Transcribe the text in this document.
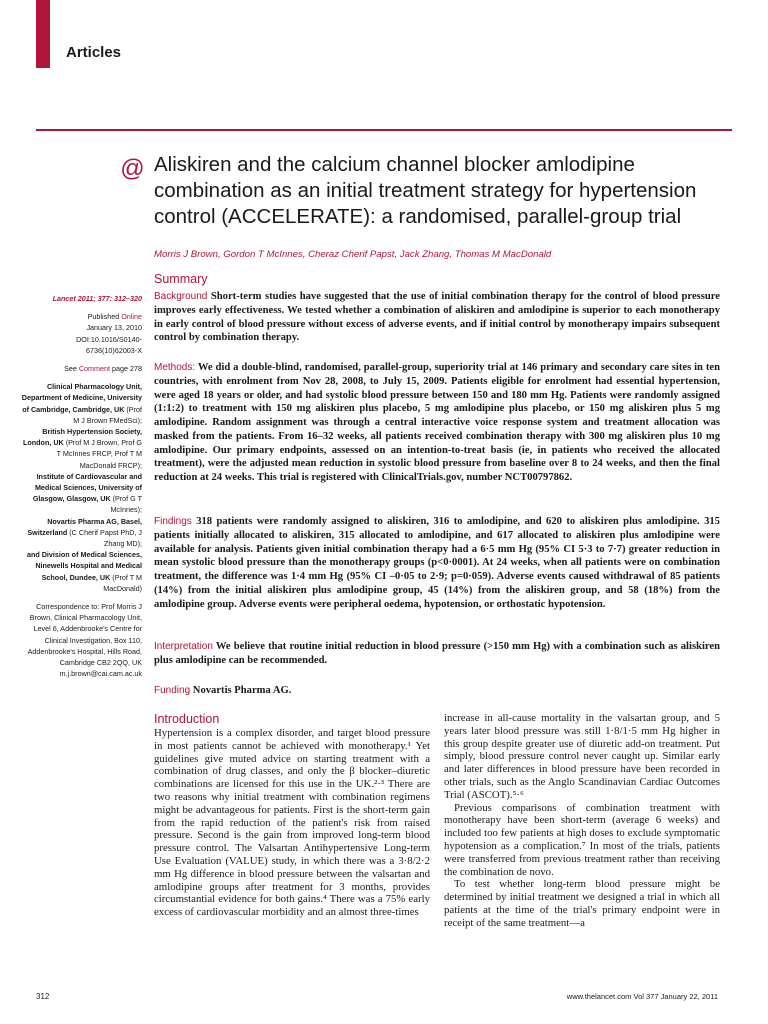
Articles
@ Aliskiren and the calcium channel blocker amlodipine combination as an initial treatment strategy for hypertension control (ACCELERATE): a randomised, parallel-group trial
Morris J Brown, Gordon T McInnes, Cheraz Cherif Papst, Jack Zhang, Thomas M MacDonald
Lancet 2011; 377: 312–320
Published Online
January 13, 2010
DOI:10.1016/S0140-
6736(10)62003-X
See Comment page 278
Clinical Pharmacology Unit, Department of Medicine, University of Cambridge, Cambridge, UK (Prof M J Brown FMedSci);
British Hypertension Society, London, UK (Prof M J Brown, Prof G T McInnes FRCP, Prof T M MacDonald FRCP);
Institute of Cardiovascular and Medical Sciences, University of Glasgow, Glasgow, UK (Prof G T McInnes);
Novartis Pharma AG, Basel, Switzerland (C Cherif Papst PhD, J Zhang MD);
and Division of Medical Sciences, Ninewells Hospital and Medical School, Dundee, UK (Prof T M MacDonald)
Correspondence to: Prof Morris J Brown, Clinical Pharmacology Unit, Level 6, Addenbrooke's Centre for Clinical Investigation, Box 110, Addenbrooke's Hospital, Hills Road, Cambridge CB2 2QQ, UK
m.j.brown@cai.cam.ac.uk
Summary

Background Short-term studies have suggested that the use of initial combination therapy for the control of blood pressure improves early effectiveness. We tested whether a combination of aliskiren and amlodipine is superior to each monotherapy in early control of blood pressure without excess of adverse events, and if initial control by monotherapy impairs subsequent control by combination therapy.

Methods: We did a double-blind, randomised, parallel-group, superiority trial at 146 primary and secondary care sites in ten countries, with enrolment from Nov 28, 2008, to July 15, 2009. Patients eligible for enrolment had essential hypertension, were aged 18 years or older, and had systolic blood pressure between 150 and 180 mm Hg. Patients were randomly assigned (1:1:2) to treatment with 150 mg aliskiren plus placebo, 5 mg amlodipine plus placebo, or 150 mg aliskiren plus 5 mg amlodipine. Random assignment was through a central interactive voice response system and treatment allocation was masked from the patients. From 16–32 weeks, all patients received combination therapy with 300 mg aliskiren plus 10 mg amlodipine. Our primary endpoints, assessed on an intention-to-treat basis (ie, in patients who received the allocated treatment), were the adjusted mean reduction in systolic blood pressure from baseline over 8 to 24 weeks, and then the final reduction at 24 weeks. This trial is registered with ClinicalTrials.gov, number NCT00797862.

Findings 318 patients were randomly assigned to aliskiren, 316 to amlodipine, and 620 to aliskiren plus amlodipine. 315 patients initially allocated to aliskiren, 315 allocated to amlodipine, and 617 allocated to aliskiren plus amlodipine were available for analysis. Patients given initial combination therapy had a 6·5 mm Hg (95% CI 5·3 to 7·7) greater reduction in mean systolic blood pressure than the monotherapy groups (p<0·0001). At 24 weeks, when all patients were on combination treatment, the difference was 1·4 mm Hg (95% CI –0·05 to 2·9; p=0·059). Adverse events caused withdrawal of 85 patients (14%) from the initial aliskiren plus amlodipine group, 45 (14%) from the aliskiren group, and 58 (18%) from the amlodipine group. Adverse events were peripheral oedema, hypotension, or orthostatic hypotension.

Interpretation We believe that routine initial reduction in blood pressure (>150 mm Hg) with a combination such as aliskiren plus amlodipine can be recommended.

Funding Novartis Pharma AG.

Introduction

Hypertension is a complex disorder, and target blood pressure in most patients cannot be achieved with monotherapy.¹ Yet guidelines give muted advice on starting treatment with a combination of drug classes, and only the β blocker–diuretic combinations are licensed for this use in the UK.²·³ There are two reasons why initial treatment with combination regimens might be advantageous for patients. First is the short-term gain from the rapid reduction of the patient's risk from raised pressure. Second is the gain from improved long-term blood pressure control. The Valsartan Antihypertensive Long-term Use Evaluation (VALUE) study, in which there was a 3·8/2·2 mm Hg difference in blood pressure between the valsartan and amlodipine groups after treatment for 3 months, provides circumstantial evidence for both gains.⁴ There was a 75% early excess of cardiovascular morbidity and an almost three-times

increase in all-cause mortality in the valsartan group, and 5 years later blood pressure was still 1·8/1·5 mm Hg higher in this group despite greater use of diuretic add-on treatment. Put simply, blood pressure control never caught up. Similar early and later differences in blood pressure have been recorded in other trials, such as the Anglo Scandinavian Cardiac Outcomes Trial (ASCOT).⁵·⁶

Previous comparisons of combination treatment with monotherapy have been short-term (average 6 weeks) and included too few patients at high doses to exclude symptomatic hypotension as a complication.⁷ In most of the trials, patients were transferred from previous treatment rather than receiving the combination de novo.

To test whether long-term blood pressure might be determined by initial treatment we designed a trial in which all patients at the time of the trial's primary endpoint were in receipt of the same treatment—a

312	www.thelancet.com Vol 377 January 22, 2011
